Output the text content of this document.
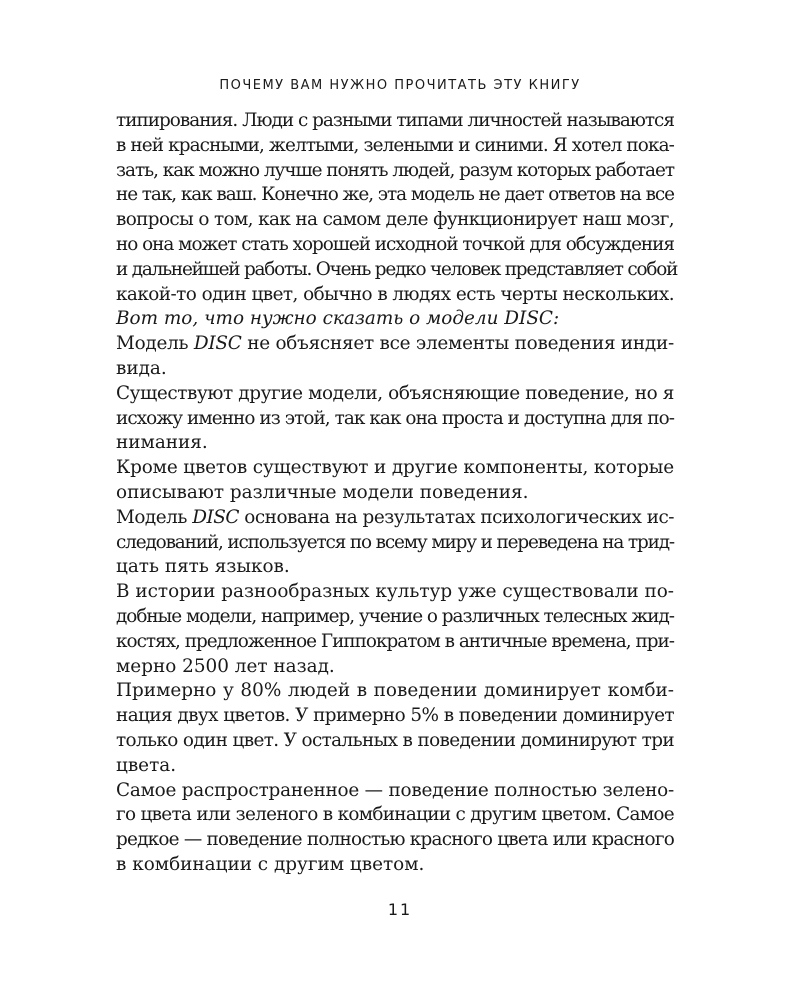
ПОЧЕМУ ВАМ НУЖНО ПРОЧИТАТЬ ЭТУ КНИГУ
типирования. Люди с разными типами личностей называются
в ней красными, желтыми, зелеными и синими. Я хотел пока-
зать, как можно лучше понять людей, разум которых работает
не так, как ваш. Конечно же, эта модель не дает ответов на все
вопросы о том, как на самом деле функционирует наш мозг,
но она может стать хорошей исходной точкой для обсуждения
и дальнейшей работы. Очень редко человек представляет собой
какой-то один цвет, обычно в людях есть черты нескольких.
Вот то, что нужно сказать о модели DISC:
Модель DISC не объясняет все элементы поведения инди-
вида.
Существуют другие модели, объясняющие поведение, но я
исхожу именно из этой, так как она проста и доступна для по-
нимания.
Кроме цветов существуют и другие компоненты, которые
описывают различные модели поведения.
Модель DISC основана на результатах психологических ис-
следований, используется по всему миру и переведена на трид-
цать пять языков.
В истории разнообразных культур уже существовали по-
добные модели, например, учение о различных телесных жид-
костях, предложенное Гиппократом в античные времена, при-
мерно 2500 лет назад.
Примерно у 80% людей в поведении доминирует комби-
нация двух цветов. У примерно 5% в поведении доминирует
только один цвет. У остальных в поведении доминируют три
цвета.
Самое распространенное — поведение полностью зелено-
го цвета или зеленого в комбинации с другим цветом. Самое
редкое — поведение полностью красного цвета или красного
в комбинации с другим цветом.
11
